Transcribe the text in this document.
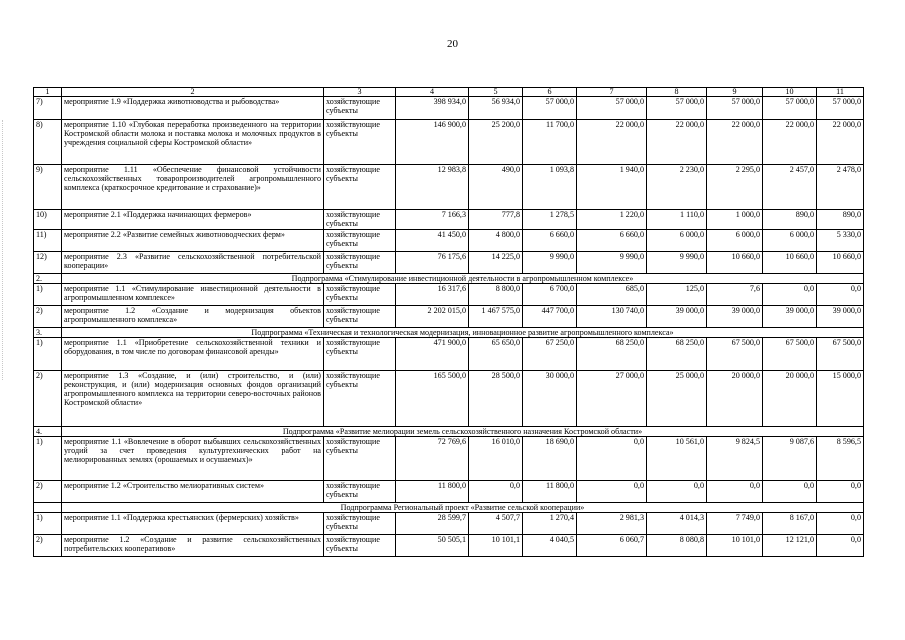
20
1	2	3	4	5	6	7	8	9	10	11
7)	мероприятие 1.9 «Поддержка животноводства и рыбоводства»	хозяйствующие субъекты	398 934,0	56 934,0	57 000,0	57 000,0	57 000,0	57 000,0	57 000,0	57 000,0
8)	мероприятие 1.10 «Глубокая переработка произведенного на территории Костромской области молока и поставка молока и молочных продуктов в учреждения социальной сферы Костромской области»	хозяйствующие субъекты	146 900,0	25 200,0	11 700,0	22 000,0	22 000,0	22 000,0	22 000,0	22 000,0
9)	мероприятие 1.11 «Обеспечение финансовой устойчивости сельскохозяйственных товаропроизводителей агропромышленного комплекса (краткосрочное кредитование и страхование)»	хозяйствующие субъекты	12 983,8	490,0	1 093,8	1 940,0	2 230,0	2 295,0	2 457,0	2 478,0
10)	мероприятие 2.1 «Поддержка начинающих фермеров»	хозяйствующие субъекты	7 166,3	777,8	1 278,5	1 220,0	1 110,0	1 000,0	890,0	890,0
11)	мероприятие 2.2 «Развитие семейных животноводческих ферм»	хозяйствующие субъекты	41 450,0	4 800,0	6 660,0	6 660,0	6 000,0	6 000,0	6 000,0	5 330,0
12)	мероприятие 2.3 «Развитие сельскохозяйственной потребительской кооперации»	хозяйствующие субъекты	76 175,6	14 225,0	9 990,0	9 990,0	9 990,0	10 660,0	10 660,0	10 660,0
2.	Подпрограмма «Стимулирование инвестиционной деятельности в агропромышленном комплексе»									
1)	мероприятие 1.1 «Стимулирование инвестиционной деятельности в агропромышленном комплексе»	хозяйствующие субъекты	16 317,6	8 800,0	6 700,0	685,0	125,0	7,6	0,0	0,0
2)	мероприятие 1.2 «Создание и модернизация объектов агропромышленного комплекса»	хозяйствующие субъекты	2 202 015,0	1 467 575,0	447 700,0	130 740,0	39 000,0	39 000,0	39 000,0	39 000,0
3.	Подпрограмма «Техническая и технологическая модернизация, инновационное развитие агропромышленного комплекса»									
1)	мероприятие 1.1 «Приобретение сельскохозяйственной техники и оборудования, в том числе по договорам финансовой аренды»	хозяйствующие субъекты	471 900,0	65 650,0	67 250,0	68 250,0	68 250,0	67 500,0	67 500,0	67 500,0
2)	мероприятие 1.3 «Создание, и (или) строительство, и (или) реконструкция, и (или) модернизация основных фондов организаций агропромышленного комплекса на территории северо-восточных районов Костромской области»	хозяйствующие субъекты	165 500,0	28 500,0	30 000,0	27 000,0	25 000,0	20 000,0	20 000,0	15 000,0
4.	Подпрограмма «Развитие мелиорации земель сельскохозяйственного назначения Костромской области»									
1)	мероприятие 1.1 «Вовлечение в оборот выбывших сельскохозяйственных угодий за счет проведения культуртехнических работ на мелиорированных землях (орошаемых и осушаемых)»	хозяйствующие субъекты	72 769,6	16 010,0	18 690,0	0,0	10 561,0	9 824,5	9 087,6	8 596,5
2)	мероприятие 1.2 «Строительство мелиоративных систем»	хозяйствующие субъекты	11 800,0	0,0	11 800,0	0,0	0,0	0,0	0,0	0,0
	Подпрограмма Региональный проект «Развитие сельской кооперации»									
1)	мероприятие 1.1 «Поддержка крестьянских (фермерских) хозяйств»	хозяйствующие субъекты	28 599,7	4 507,7	1 270,4	2 981,3	4 014,3	7 749,0	8 167,0	0,0
2)	мероприятие 1.2 «Создание и развитие сельскохозяйственных потребительских кооперативов»	хозяйствующие субъекты	50 505,1	10 101,1	4 040,5	6 060,7	8 080,8	10 101,0	12 121,0	0,0
